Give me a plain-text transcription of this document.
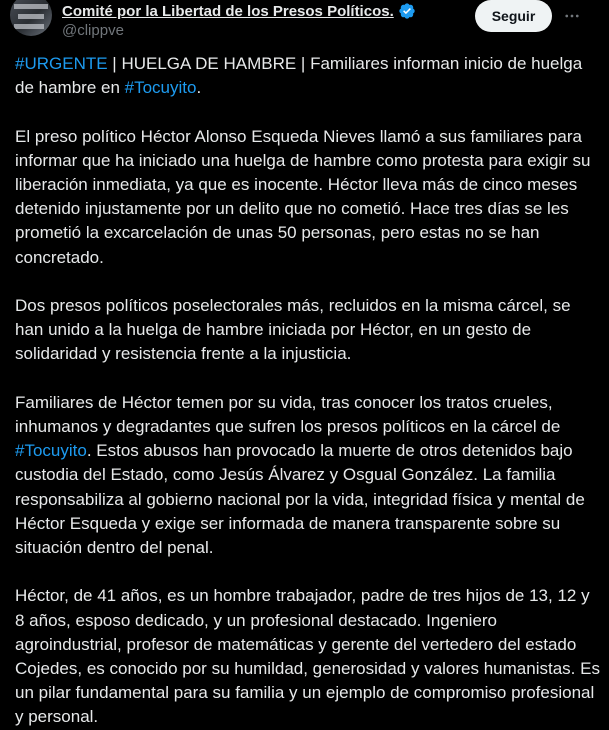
Comité por la Libertad de los Presos Políticos.
@clippve
Seguir

#URGENTE | HUELGA DE HAMBRE | Familiares informan inicio de huelga de hambre en #Tocuyito.

El preso político Héctor Alonso Esqueda Nieves llamó a sus familiares para informar que ha iniciado una huelga de hambre como protesta para exigir su liberación inmediata, ya que es inocente. Héctor lleva más de cinco meses detenido injustamente por un delito que no cometió. Hace tres días se les prometió la excarcelación de unas 50 personas, pero estas no se han concretado.

Dos presos políticos poselectorales más, recluidos en la misma cárcel, se han unido a la huelga de hambre iniciada por Héctor, en un gesto de solidaridad y resistencia frente a la injusticia.

Familiares de Héctor temen por su vida, tras conocer los tratos crueles, inhumanos y degradantes que sufren los presos políticos en la cárcel de #Tocuyito. Estos abusos han provocado la muerte de otros detenidos bajo custodia del Estado, como Jesús Álvarez y Osgual González. La familia responsabiliza al gobierno nacional por la vida, integridad física y mental de Héctor Esqueda y exige ser informada de manera transparente sobre su situación dentro del penal.

Héctor, de 41 años, es un hombre trabajador, padre de tres hijos de 13, 12 y 8 años, esposo dedicado, y un profesional destacado. Ingeniero agroindustrial, profesor de matemáticas y gerente del vertedero del estado Cojedes, es conocido por su humildad, generosidad y valores humanistas. Es un pilar fundamental para su familia y un ejemplo de compromiso profesional y personal.
